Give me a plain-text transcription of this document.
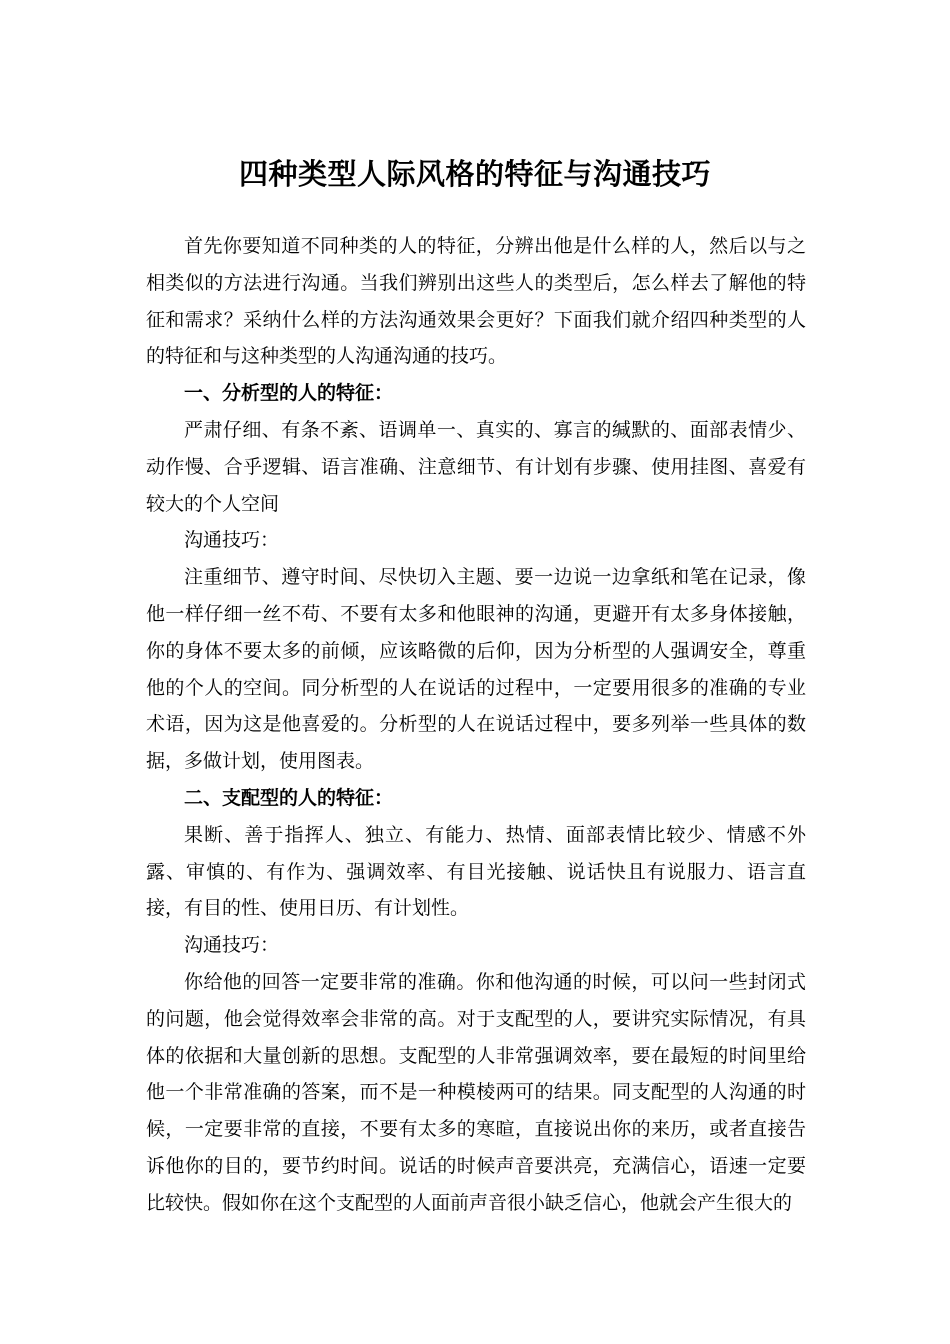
四种类型人际风格的特征与沟通技巧

首先你要知道不同种类的人的特征，分辨出他是什么样的人，然后以与之相类似的方法进行沟通。当我们辨别出这些人的类型后，怎么样去了解他的特征和需求？采纳什么样的方法沟通效果会更好？下面我们就介绍四种类型的人的特征和与这种类型的人沟通沟通的技巧。

一、分析型的人的特征：

严肃仔细、有条不紊、语调单一、真实的、寡言的缄默的、面部表情少、动作慢、合乎逻辑、语言准确、注意细节、有计划有步骤、使用挂图、喜爱有较大的个人空间

沟通技巧：

注重细节、遵守时间、尽快切入主题、要一边说一边拿纸和笔在记录，像他一样仔细一丝不苟、不要有太多和他眼神的沟通，更避开有太多身体接触，你的身体不要太多的前倾，应该略微的后仰，因为分析型的人强调安全，尊重他的个人的空间。同分析型的人在说话的过程中，一定要用很多的准确的专业术语，因为这是他喜爱的。分析型的人在说话过程中，要多列举一些具体的数据，多做计划，使用图表。

二、支配型的人的特征：

果断、善于指挥人、独立、有能力、热情、面部表情比较少、情感不外露、审慎的、有作为、强调效率、有目光接触、说话快且有说服力、语言直接，有目的性、使用日历、有计划性。

沟通技巧：

你给他的回答一定要非常的准确。你和他沟通的时候，可以问一些封闭式的问题，他会觉得效率会非常的高。对于支配型的人，要讲究实际情况，有具体的依据和大量创新的思想。支配型的人非常强调效率，要在最短的时间里给他一个非常准确的答案，而不是一种模棱两可的结果。同支配型的人沟通的时候，一定要非常的直接，不要有太多的寒暄，直接说出你的来历，或者直接告诉他你的目的，要节约时间。说话的时候声音要洪亮，充满信心，语速一定要比较快。假如你在这个支配型的人面前声音很小缺乏信心，他就会产生很大的
